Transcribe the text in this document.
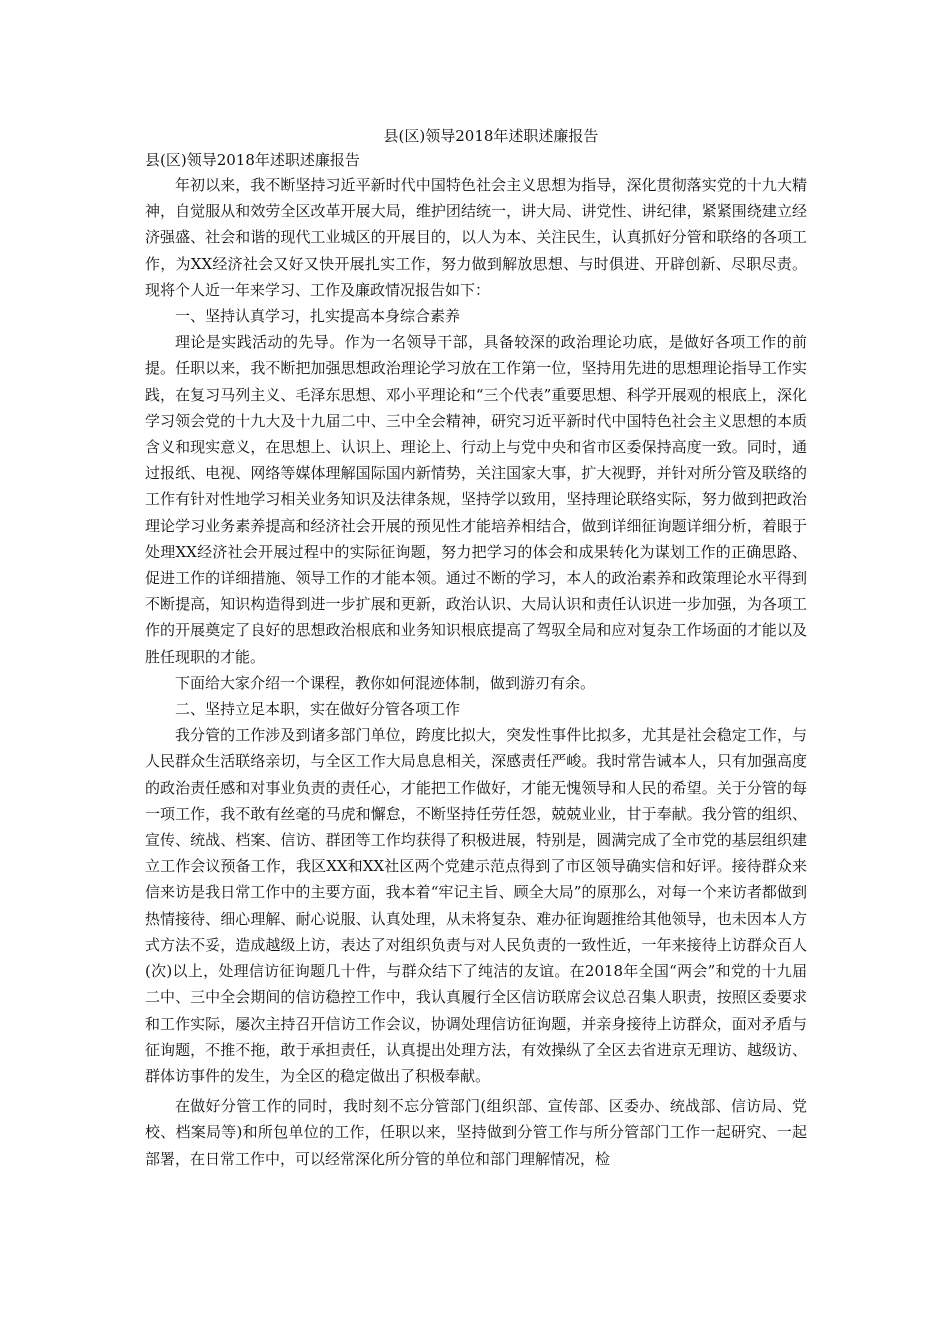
县(区)领导2018年述职述廉报告

县(区)领导2018年述职述廉报告

年初以来，我不断坚持习近平新时代中国特色社会主义思想为指导，深化贯彻落实党的十九大精神，自觉服从和效劳全区改革开展大局，维护团结统一，讲大局、讲党性、讲纪律，紧紧围绕建立经济强盛、社会和谐的现代工业城区的开展目的，以人为本、关注民生，认真抓好分管和联络的各项工作，为XX经济社会又好又快开展扎实工作，努力做到解放思想、与时俱进、开辟创新、尽职尽责。现将个人近一年来学习、工作及廉政情况报告如下：

一、坚持认真学习，扎实提高本身综合素养

理论是实践活动的先导。作为一名领导干部，具备较深的政治理论功底，是做好各项工作的前提。任职以来，我不断把加强思想政治理论学习放在工作第一位，坚持用先进的思想理论指导工作实践，在复习马列主义、毛泽东思想、邓小平理论和“三个代表”重要思想、科学开展观的根底上，深化学习领会党的十九大及十九届二中、三中全会精神，研究习近平新时代中国特色社会主义思想的本质含义和现实意义，在思想上、认识上、理论上、行动上与党中央和省市区委保持高度一致。同时，通过报纸、电视、网络等媒体理解国际国内新情势，关注国家大事，扩大视野，并针对所分管及联络的工作有针对性地学习相关业务知识及法律条规，坚持学以致用，坚持理论联络实际，努力做到把政治理论学习业务素养提高和经济社会开展的预见性才能培养相结合，做到详细征询题详细分析，着眼于处理XX经济社会开展过程中的实际征询题，努力把学习的体会和成果转化为谋划工作的正确思路、促进工作的详细措施、领导工作的才能本领。通过不断的学习，本人的政治素养和政策理论水平得到不断提高，知识构造得到进一步扩展和更新，政治认识、大局认识和责任认识进一步加强，为各项工作的开展奠定了良好的思想政治根底和业务知识根底提高了驾驭全局和应对复杂工作场面的才能以及胜任现职的才能。

下面给大家介绍一个课程，教你如何混迹体制，做到游刃有余。

二、坚持立足本职，实在做好分管各项工作

我分管的工作涉及到诸多部门单位，跨度比拟大，突发性事件比拟多，尤其是社会稳定工作，与人民群众生活联络亲切，与全区工作大局息息相关，深感责任严峻。我时常告诫本人，只有加强高度的政治责任感和对事业负责的责任心，才能把工作做好，才能无愧领导和人民的希望。关于分管的每一项工作，我不敢有丝毫的马虎和懈怠，不断坚持任劳任怨，兢兢业业，甘于奉献。我分管的组织、宣传、统战、档案、信访、群团等工作均获得了积极进展，特别是，圆满完成了全市党的基层组织建立工作会议预备工作，我区XX和XX社区两个党建示范点得到了市区领导确实信和好评。接待群众来信来访是我日常工作中的主要方面，我本着“牢记主旨、顾全大局”的原那么，对每一个来访者都做到热情接待、细心理解、耐心说服、认真处理，从未将复杂、难办征询题推给其他领导，也未因本人方式方法不妥，造成越级上访，表达了对组织负责与对人民负责的一致性近，一年来接待上访群众百人(次)以上，处理信访征询题几十件，与群众结下了纯洁的友谊。在2018年全国“两会”和党的十九届二中、三中全会期间的信访稳控工作中，我认真履行全区信访联席会议总召集人职责，按照区委要求和工作实际，屡次主持召开信访工作会议，协调处理信访征询题，并亲身接待上访群众，面对矛盾与征询题，不推不拖，敢于承担责任，认真提出处理方法，有效操纵了全区去省进京无理访、越级访、群体访事件的发生，为全区的稳定做出了积极奉献。

在做好分管工作的同时，我时刻不忘分管部门(组织部、宣传部、区委办、统战部、信访局、党校、档案局等)和所包单位的工作，任职以来，坚持做到分管工作与所分管部门工作一起研究、一起部署，在日常工作中，可以经常深化所分管的单位和部门理解情况，检
